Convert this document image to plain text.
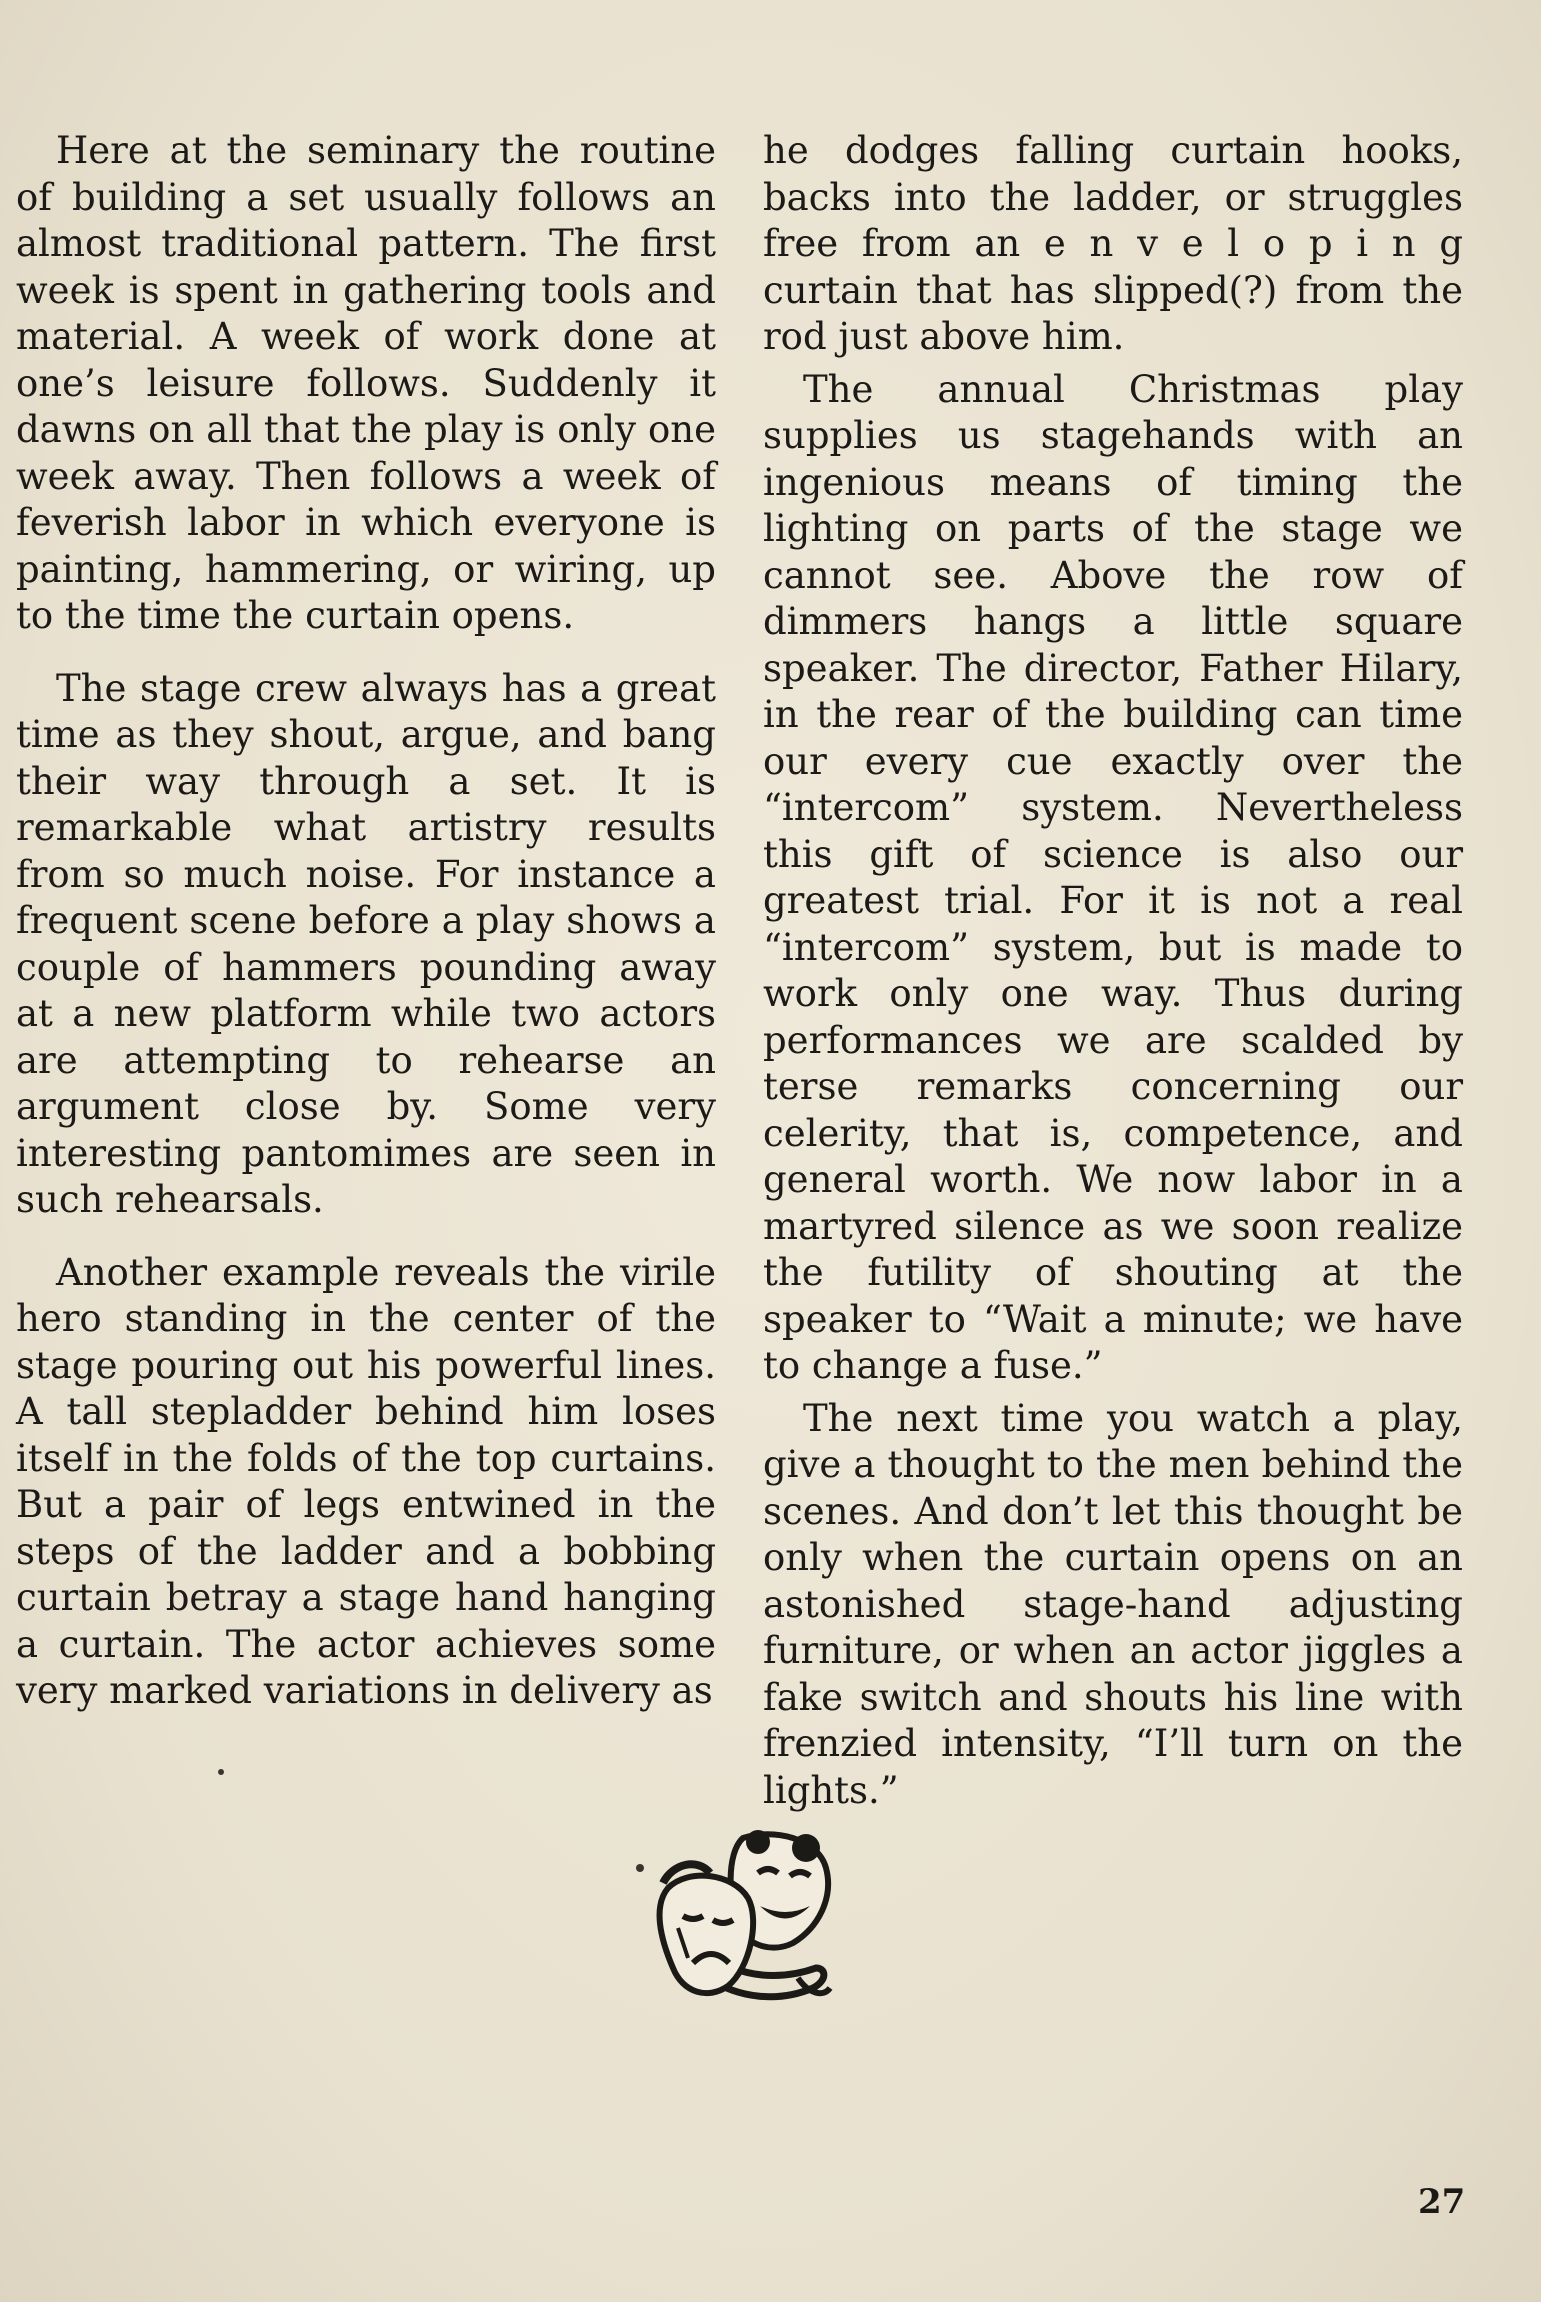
Here at the seminary the routine of building a set usually follows an almost traditional pattern. The first week is spent in gathering tools and material. A week of work done at one’s leisure follows. Suddenly it dawns on all that the play is only one week away. Then follows a week of feverish labor in which everyone is painting, hammering, or wiring, up to the time the curtain opens.

The stage crew always has a great time as they shout, argue, and bang their way through a set. It is remarkable what artistry results from so much noise. For instance a frequent scene before a play shows a couple of hammers pounding away at a new platform while two actors are attempting to rehearse an argument close by. Some very interesting pantomimes are seen in such rehearsals.

Another example reveals the virile hero standing in the center of the stage pouring out his powerful lines. A tall stepladder behind him loses itself in the folds of the top curtains. But a pair of legs entwined in the steps of the ladder and a bobbing curtain betray a stage hand hanging a curtain. The actor achieves some very marked variations in delivery as

he dodges falling curtain hooks, backs into the ladder, or struggles free from an e n v e l o p i n g curtain that has slipped(?) from the rod just above him.

The annual Christmas play supplies us stagehands with an ingenious means of timing the lighting on parts of the stage we cannot see. Above the row of dimmers hangs a little square speaker. The director, Father Hilary, in the rear of the building can time our every cue exactly over the “intercom” system. Nevertheless this gift of science is also our greatest trial. For it is not a real “intercom” system, but is made to work only one way. Thus during performances we are scalded by terse remarks concerning our celerity, that is, competence, and general worth. We now labor in a martyred silence as we soon realize the futility of shouting at the speaker to “Wait a minute; we have to change a fuse.”

The next time you watch a play, give a thought to the men behind the scenes. And don’t let this thought be only when the curtain opens on an astonished stage-hand adjusting furniture, or when an actor jiggles a fake switch and shouts his line with frenzied intensity, “I’ll turn on the lights.”

27
